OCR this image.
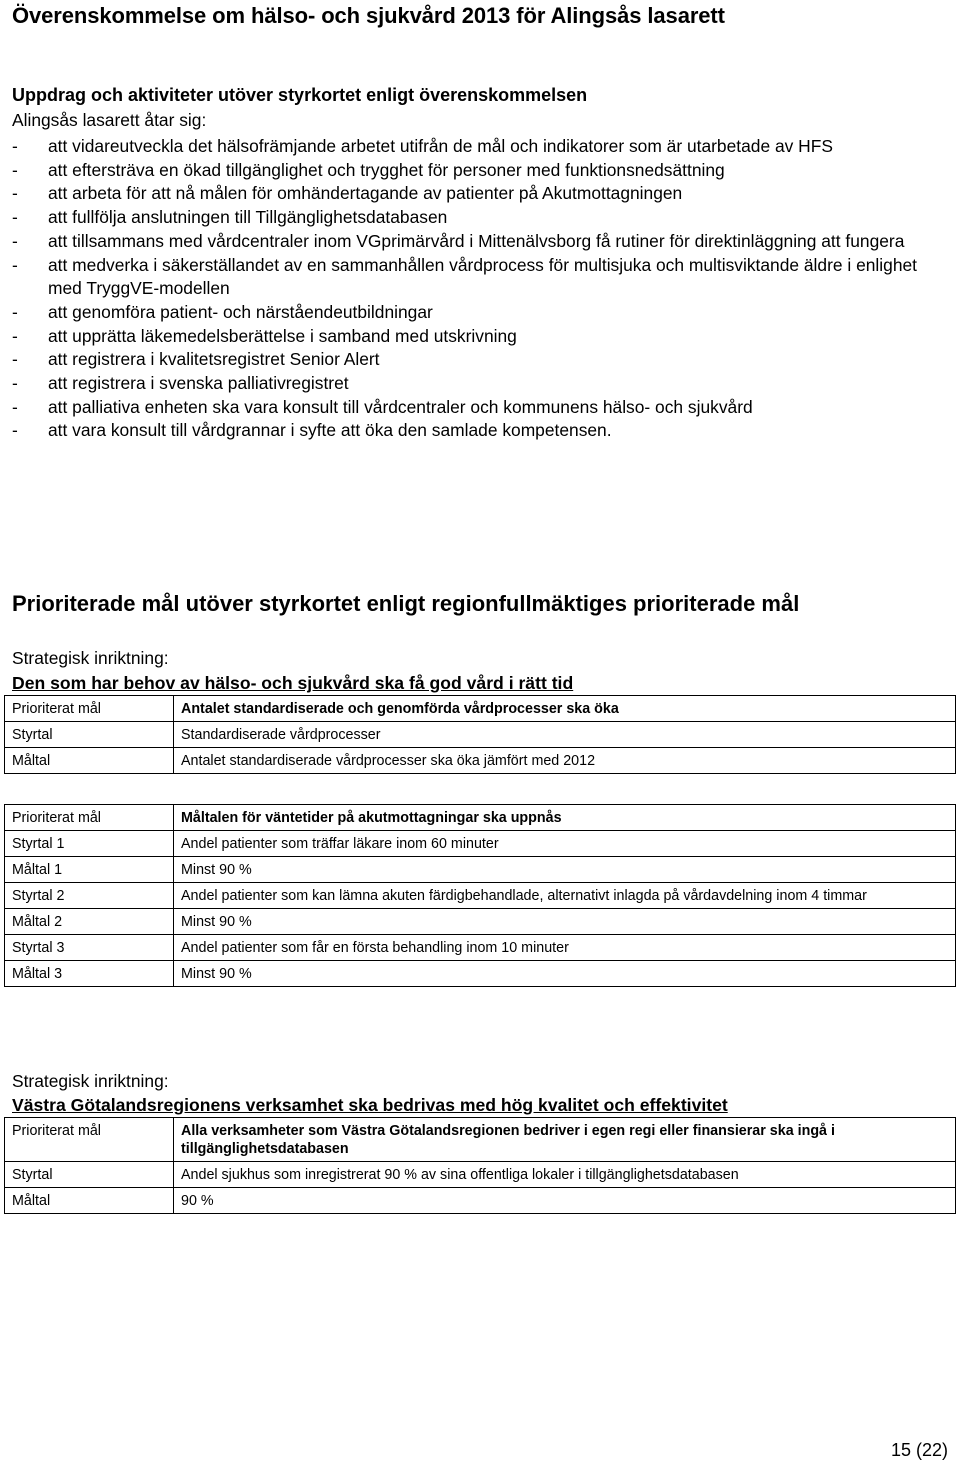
Överenskommelse om hälso- och sjukvård 2013 för Alingsås lasarett
Uppdrag och aktiviteter utöver styrkortet enligt överenskommelsen
Alingsås lasarett åtar sig:
-	att vidareutveckla det hälsofrämjande arbetet utifrån de mål och indikatorer som är utarbetade av HFS
-	att eftersträva en ökad tillgänglighet och trygghet för personer med funktionsnedsättning
-	att arbeta för att nå målen för omhändertagande av patienter på Akutmottagningen
-	att fullfölja anslutningen till Tillgänglighetsdatabasen
-	att tillsammans med vårdcentraler inom VGprimärvård i Mittenälvsborg få rutiner för direktinläggning att fungera
-	att medverka i säkerställandet av en sammanhållen vårdprocess för multisjuka och multisviktande äldre i enlighet med TryggVE-modellen
-	att genomföra patient- och närståendeutbildningar
-	att upprätta läkemedelsberättelse i samband med utskrivning
-	att registrera i kvalitetsregistret Senior Alert
-	att registrera i svenska palliativregistret
-	att palliativa enheten ska vara konsult till vårdcentraler och kommunens hälso- och sjukvård
-	att vara konsult till vårdgrannar i syfte att öka den samlade kompetensen.
Prioriterade mål utöver styrkortet enligt regionfullmäktiges prioriterade mål
Strategisk inriktning:
Den som har behov av hälso- och sjukvård ska få god vård i rätt tid
Prioriterat mål	Antalet standardiserade och genomförda vårdprocesser ska öka
Styrtal	Standardiserade vårdprocesser
Måltal	Antalet standardiserade vårdprocesser ska öka jämfört med 2012
Prioriterat mål	Måltalen för väntetider på akutmottagningar ska uppnås
Styrtal 1	Andel patienter som träffar läkare inom 60 minuter
Måltal 1	Minst 90 %
Styrtal 2	Andel patienter som kan lämna akuten färdigbehandlade, alternativt inlagda på vårdavdelning inom 4 timmar
Måltal 2	Minst 90 %
Styrtal 3	Andel patienter som får en första behandling inom 10 minuter
Måltal 3	Minst 90 %
Strategisk inriktning:
Västra Götalandsregionens verksamhet ska bedrivas med hög kvalitet och effektivitet
Prioriterat mål	Alla verksamheter som Västra Götalandsregionen bedriver i egen regi eller finansierar ska ingå i tillgänglighetsdatabasen
Styrtal	Andel sjukhus som inregistrerat 90 % av sina offentliga lokaler i tillgänglighetsdatabasen
Måltal	90 %
15 (22)
